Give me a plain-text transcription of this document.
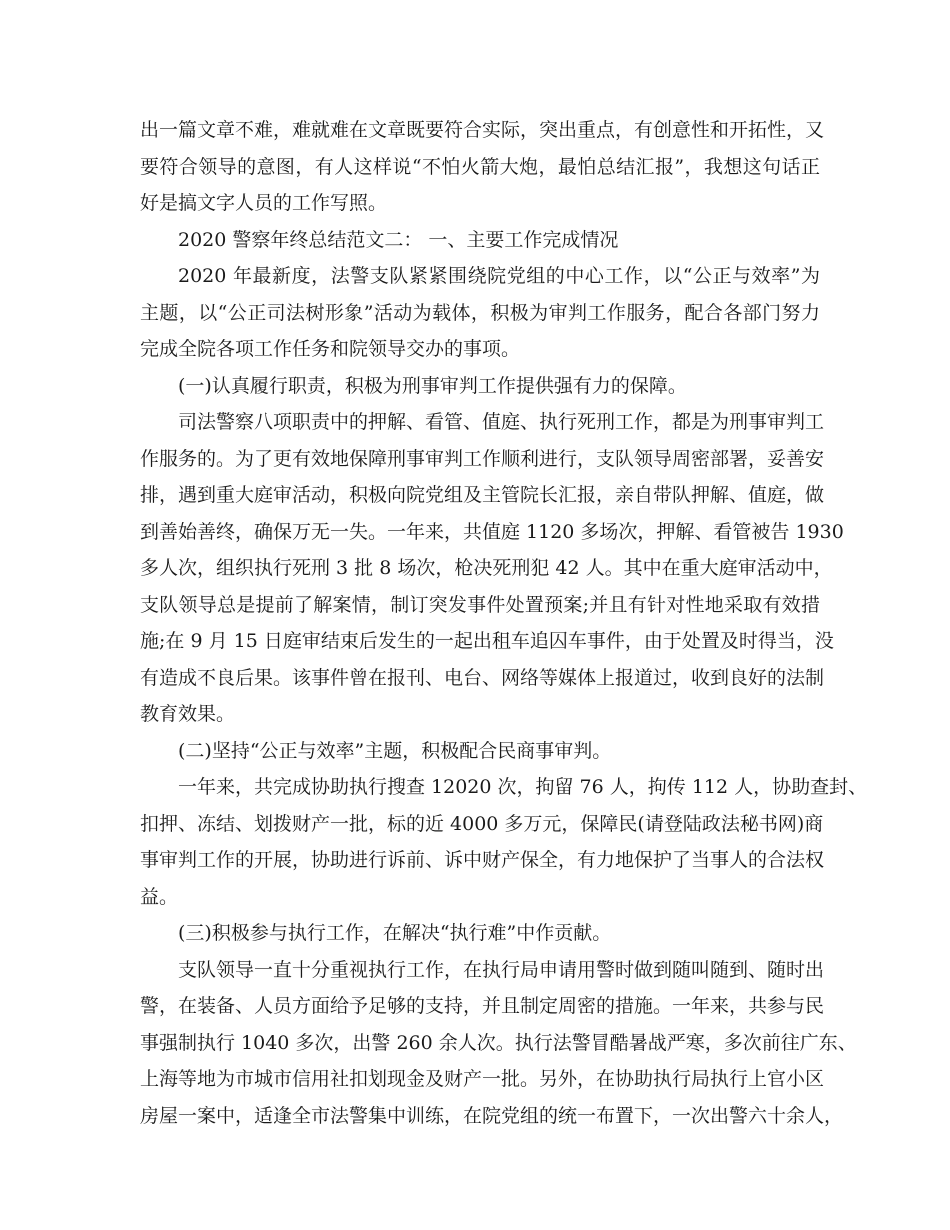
出一篇文章不难，难就难在文章既要符合实际，突出重点，有创意性和开拓性，又
要符合领导的意图，有人这样说“不怕火箭大炮，最怕总结汇报”，我想这句话正
好是搞文字人员的工作写照。
2020 警察年终总结范文二： 一、主要工作完成情况
2020 年最新度，法警支队紧紧围绕院党组的中心工作，以“公正与效率”为
主题，以“公正司法树形象”活动为载体，积极为审判工作服务，配合各部门努力
完成全院各项工作任务和院领导交办的事项。
(一)认真履行职责，积极为刑事审判工作提供强有力的保障。
司法警察八项职责中的押解、看管、值庭、执行死刑工作，都是为刑事审判工
作服务的。为了更有效地保障刑事审判工作顺利进行，支队领导周密部署，妥善安
排，遇到重大庭审活动，积极向院党组及主管院长汇报，亲自带队押解、值庭，做
到善始善终，确保万无一失。一年来，共值庭 1120 多场次，押解、看管被告 1930
多人次，组织执行死刑 3 批 8 场次，枪决死刑犯 42 人。其中在重大庭审活动中，
支队领导总是提前了解案情，制订突发事件处置预案;并且有针对性地采取有效措
施;在 9 月 15 日庭审结束后发生的一起出租车追囚车事件，由于处置及时得当，没
有造成不良后果。该事件曾在报刊、电台、网络等媒体上报道过，收到良好的法制
教育效果。
(二)坚持“公正与效率”主题，积极配合民商事审判。
一年来，共完成协助执行搜查 12020 次，拘留 76 人，拘传 112 人，协助查封、
扣押、冻结、划拨财产一批，标的近 4000 多万元，保障民(请登陆政法秘书网)商
事审判工作的开展，协助进行诉前、诉中财产保全，有力地保护了当事人的合法权
益。
(三)积极参与执行工作，在解决“执行难”中作贡献。
支队领导一直十分重视执行工作，在执行局申请用警时做到随叫随到、随时出
警，在装备、人员方面给予足够的支持，并且制定周密的措施。一年来，共参与民
事强制执行 1040 多次，出警 260 余人次。执行法警冒酷暑战严寒，多次前往广东、
上海等地为市城市信用社扣划现金及财产一批。另外，在协助执行局执行上官小区
房屋一案中，适逢全市法警集中训练，在院党组的统一布置下，一次出警六十余人，
